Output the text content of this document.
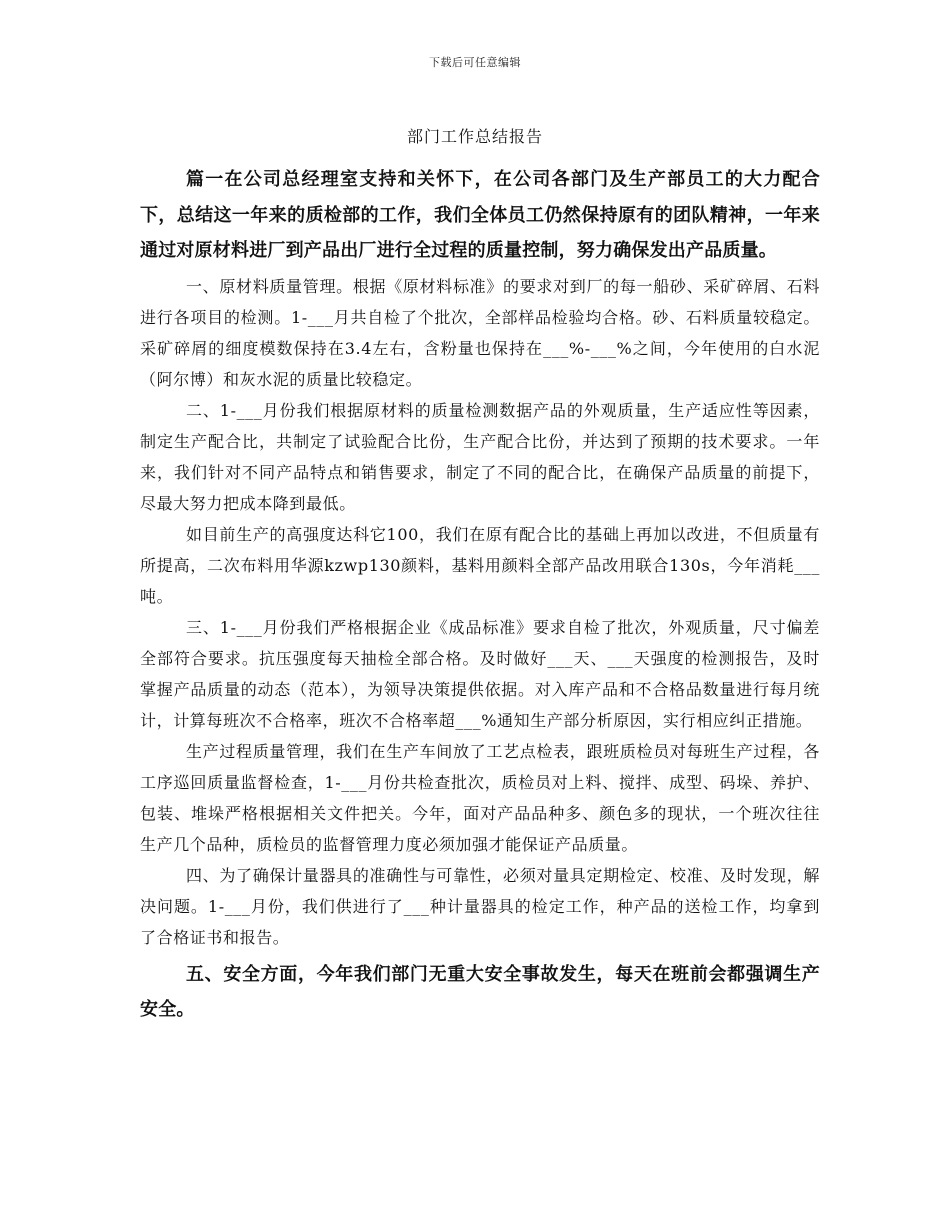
下载后可任意编辑
部门工作总结报告

篇一在公司总经理室支持和关怀下，在公司各部门及生产部员工的大力配合下，总结这一年来的质检部的工作，我们全体员工仍然保持原有的团队精神，一年来通过对原材料进厂到产品出厂进行全过程的质量控制，努力确保发出产品质量。

一、原材料质量管理。根据《原材料标准》的要求对到厂的每一船砂、采矿碎屑、石料进行各项目的检测。1-___月共自检了个批次，全部样品检验均合格。砂、石料质量较稳定。采矿碎屑的细度模数保持在3.4左右，含粉量也保持在___%-___%之间，今年使用的白水泥（阿尔博）和灰水泥的质量比较稳定。

二、1-___月份我们根据原材料的质量检测数据产品的外观质量，生产适应性等因素，制定生产配合比，共制定了试验配合比份，生产配合比份，并达到了预期的技术要求。一年来，我们针对不同产品特点和销售要求，制定了不同的配合比，在确保产品质量的前提下，尽最大努力把成本降到最低。

如目前生产的高强度达科它100，我们在原有配合比的基础上再加以改进，不但质量有所提高，二次布料用华源kzwp130颜料，基料用颜料全部产品改用联合130s，今年消耗___吨。

三、1-___月份我们严格根据企业《成品标准》要求自检了批次，外观质量，尺寸偏差全部符合要求。抗压强度每天抽检全部合格。及时做好___天、___天强度的检测报告，及时掌握产品质量的动态（范本），为领导决策提供依据。对入库产品和不合格品数量进行每月统计，计算每班次不合格率，班次不合格率超___%通知生产部分析原因，实行相应纠正措施。

生产过程质量管理，我们在生产车间放了工艺点检表，跟班质检员对每班生产过程，各工序巡回质量监督检查，1-___月份共检查批次，质检员对上料、搅拌、成型、码垛、养护、包装、堆垛严格根据相关文件把关。今年，面对产品品种多、颜色多的现状，一个班次往往生产几个品种，质检员的监督管理力度必须加强才能保证产品质量。

四、为了确保计量器具的准确性与可靠性，必须对量具定期检定、校准、及时发现，解决问题。1-___月份，我们供进行了___种计量器具的检定工作，种产品的送检工作，均拿到了合格证书和报告。

五、安全方面，今年我们部门无重大安全事故发生，每天在班前会都强调生产安全。
